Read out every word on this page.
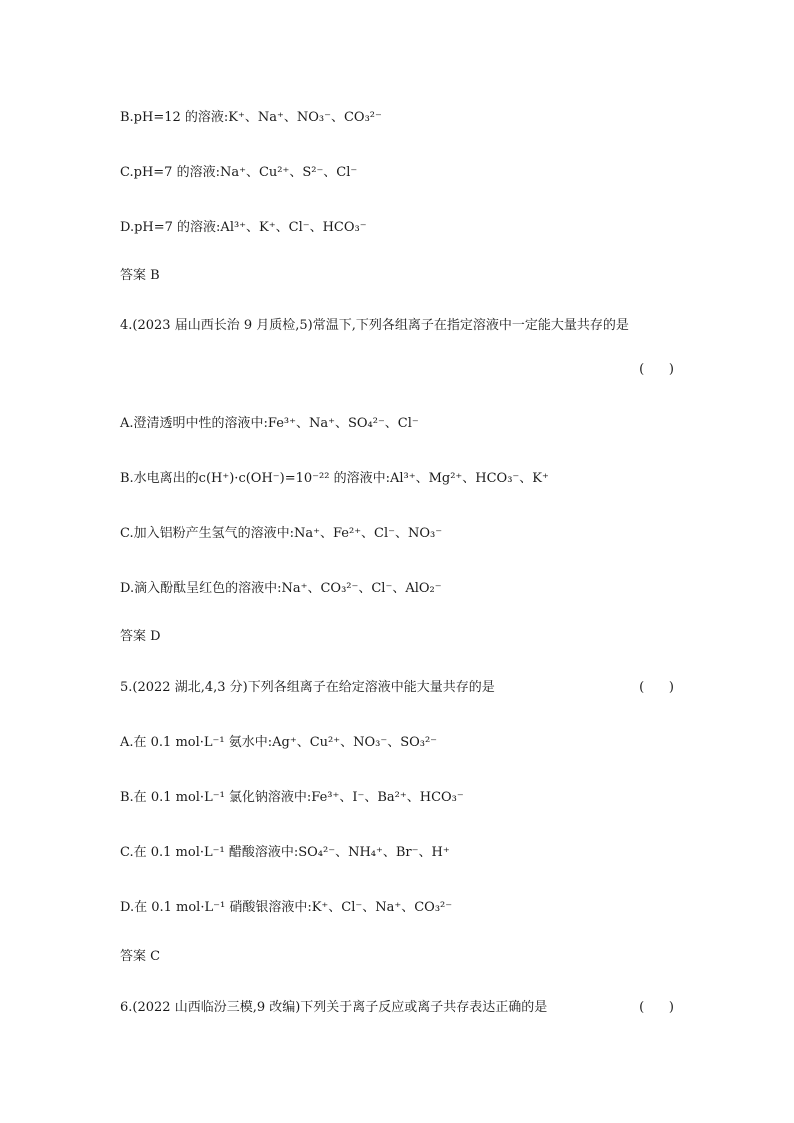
B.pH=12 的溶液:K⁺、Na⁺、NO₃⁻、CO₃²⁻
C.pH=7 的溶液:Na⁺、Cu²⁺、S²⁻、Cl⁻
D.pH=7 的溶液:Al³⁺、K⁺、Cl⁻、HCO₃⁻
答案 B
4.(2023 届山西长治 9 月质检,5)常温下,下列各组离子在指定溶液中一定能大量共存的是
(      )
A.澄清透明中性的溶液中:Fe³⁺、Na⁺、SO₄²⁻、Cl⁻
B.水电离出的c(H⁺)·c(OH⁻)=10⁻²² 的溶液中:Al³⁺、Mg²⁺、HCO₃⁻、K⁺
C.加入铝粉产生氢气的溶液中:Na⁺、Fe²⁺、Cl⁻、NO₃⁻
D.滴入酚酞呈红色的溶液中:Na⁺、CO₃²⁻、Cl⁻、AlO₂⁻
答案 D
5.(2022 湖北,4,3 分)下列各组离子在给定溶液中能大量共存的是	(      )
A.在 0.1 mol·L⁻¹ 氨水中:Ag⁺、Cu²⁺、NO₃⁻、SO₃²⁻
B.在 0.1 mol·L⁻¹ 氯化钠溶液中:Fe³⁺、I⁻、Ba²⁺、HCO₃⁻
C.在 0.1 mol·L⁻¹ 醋酸溶液中:SO₄²⁻、NH₄⁺、Br⁻、H⁺
D.在 0.1 mol·L⁻¹ 硝酸银溶液中:K⁺、Cl⁻、Na⁺、CO₃²⁻
答案 C
6.(2022 山西临汾三模,9 改编)下列关于离子反应或离子共存表达正确的是	(      )
